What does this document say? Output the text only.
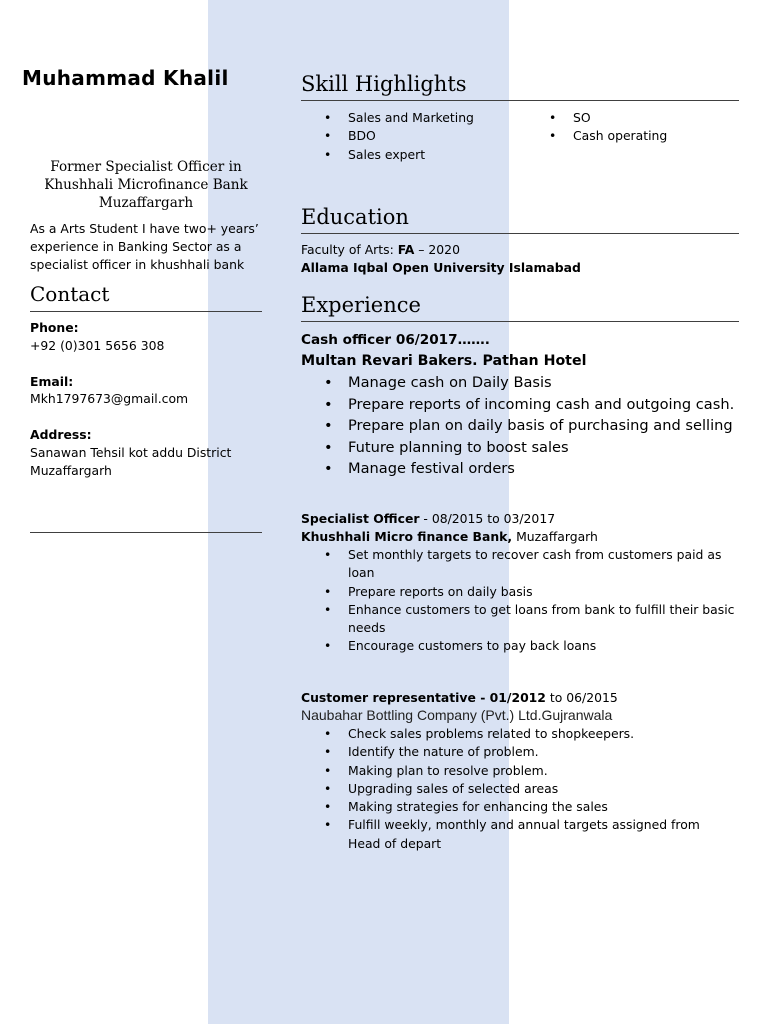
Muhammad Khalil
Former Specialist Officer in
Khushhali Microfinance Bank
Muzaffargarh
As a Arts Student I have two+ years’ experience in Banking Sector as a specialist officer in khushhali bank
Contact
Phone:
+92 (0)301 5656 308
Email:
Mkh1797673@gmail.com
Address:
Sanawan Tehsil kot addu District Muzaffargarh
Skill Highlights
• Sales and Marketing
• BDO
• Sales expert
• SO
• Cash operating
Education
Faculty of Arts: FA – 2020
Allama Iqbal Open University Islamabad
Experience
Cash officer 06/2017…….
Multan Revari Bakers. Pathan Hotel
• Manage cash on Daily Basis
• Prepare reports of incoming cash and outgoing cash.
• Prepare plan on daily basis of purchasing and selling
• Future planning to boost sales
• Manage festival orders
Specialist Officer - 08/2015 to 03/2017
Khushhali Micro finance Bank, Muzaffargarh
• Set monthly targets to recover cash from customers paid as loan
• Prepare reports on daily basis
• Enhance customers to get loans from bank to fulfill their basic needs
• Encourage customers to pay back loans
Customer representative - 01/2012 to 06/2015
Naubahar Bottling Company (Pvt.) Ltd.Gujranwala
• Check sales problems related to shopkeepers.
• Identify the nature of problem.
• Making plan to resolve problem.
• Upgrading sales of selected areas
• Making strategies for enhancing the sales
• Fulfill weekly, monthly and annual targets assigned from Head of depart
